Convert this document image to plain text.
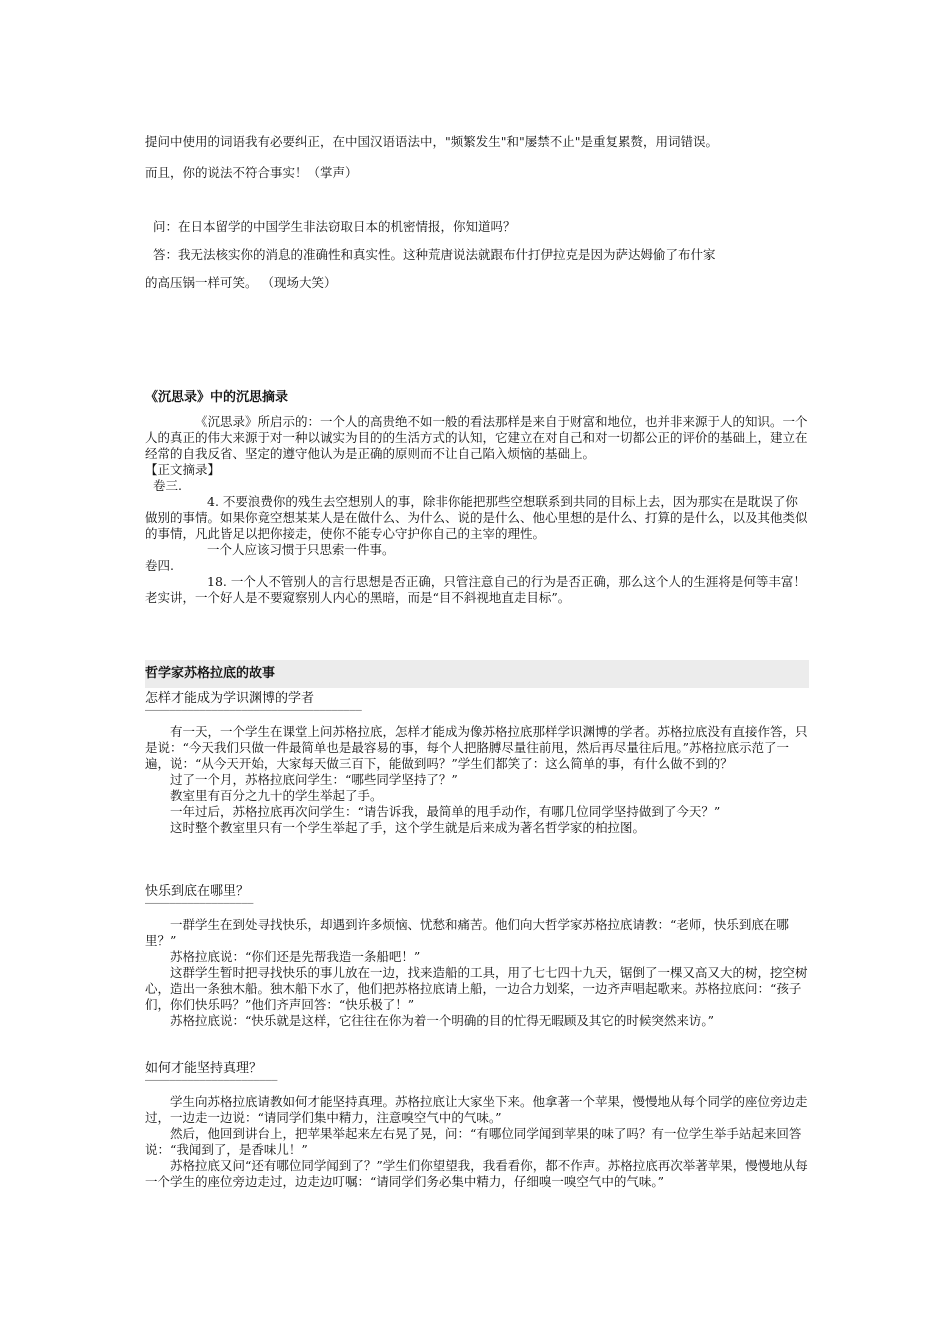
提问中使用的词语我有必要纠正，在中国汉语语法中，"频繁发生"和"屡禁不止"是重复累赘，用词错误。

而且，你的说法不符合事实！（掌声）

问：在日本留学的中国学生非法窃取日本的机密情报，你知道吗？

答：我无法核实你的消息的准确性和真实性。这种荒唐说法就跟布什打伊拉克是因为萨达姆偷了布什家

的高压锅一样可笑。 （现场大笑）

《沉思录》中的沉思摘录

《沉思录》所启示的：一个人的高贵绝不如一般的看法那样是来自于财富和地位，也并非来源于人的知识。一个人的真正的伟大来源于对一种以诚实为目的的生活方式的认知，它建立在对自己和对一切都公正的评价的基础上，建立在经常的自我反省、坚定的遵守他认为是正确的原则而不让自己陷入烦恼的基础上。

【正文摘录】

卷三.

4. 不要浪费你的残生去空想别人的事，除非你能把那些空想联系到共同的目标上去，因为那实在是耽误了你做别的事情。如果你竟空想某某人是在做什么、为什么、说的是什么、他心里想的是什么、打算的是什么，以及其他类似的事情，凡此皆足以把你接走，使你不能专心守护你自己的主宰的理性。

一个人应该习惯于只思索一件事。

卷四.

18. 一个人不管别人的言行思想是否正确，只管注意自己的行为是否正确，那么这个人的生涯将是何等丰富！老实讲，一个好人是不要窥察别人内心的黑暗，而是“目不斜视地直走目标”。

哲学家苏格拉底的故事

怎样才能成为学识渊博的学者

————————————————————————————————————

有一天，一个学生在课堂上问苏格拉底，怎样才能成为像苏格拉底那样学识渊博的学者。苏格拉底没有直接作答，只是说：“今天我们只做一件最简单也是最容易的事，每个人把胳膊尽量往前甩，然后再尽量往后甩。”苏格拉底示范了一遍，说：“从今天开始，大家每天做三百下，能做到吗？”学生们都笑了：这么简单的事，有什么做不到的？

过了一个月，苏格拉底问学生：“哪些同学坚持了？”

教室里有百分之九十的学生举起了手。

一年过后，苏格拉底再次问学生：“请告诉我，最简单的甩手动作，有哪几位同学坚持做到了今天？”

这时整个教室里只有一个学生举起了手，这个学生就是后来成为著名哲学家的柏拉图。

快乐到底在哪里？

——————————————————

一群学生在到处寻找快乐，却遇到许多烦恼、忧愁和痛苦。他们向大哲学家苏格拉底请教：“老师，快乐到底在哪里？”

苏格拉底说：“你们还是先帮我造一条船吧！”

这群学生暂时把寻找快乐的事儿放在一边，找来造船的工具，用了七七四十九天，锯倒了一棵又高又大的树，挖空树心，造出一条独木船。独木船下水了，他们把苏格拉底请上船，一边合力划桨，一边齐声唱起歌来。苏格拉底问：“孩子们，你们快乐吗？”他们齐声回答：“快乐极了！”

苏格拉底说：“快乐就是这样，它往往在你为着一个明确的目的忙得无暇顾及其它的时候突然来访。”

如何才能坚持真理？

——————————————————————

学生向苏格拉底请教如何才能坚持真理。苏格拉底让大家坐下来。他拿著一个苹果，慢慢地从每个同学的座位旁边走过，一边走一边说：“请同学们集中精力，注意嗅空气中的气味。”

然后，他回到讲台上，把苹果举起来左右晃了晃，问：“有哪位同学闻到苹果的味了吗？有一位学生举手站起来回答说：“我闻到了，是香味儿！”

苏格拉底又问“还有哪位同学闻到了？”学生们你望望我，我看看你，都不作声。苏格拉底再次举著苹果，慢慢地从每一个学生的座位旁边走过，边走边叮嘱：“请同学们务必集中精力，仔细嗅一嗅空气中的气味。”
